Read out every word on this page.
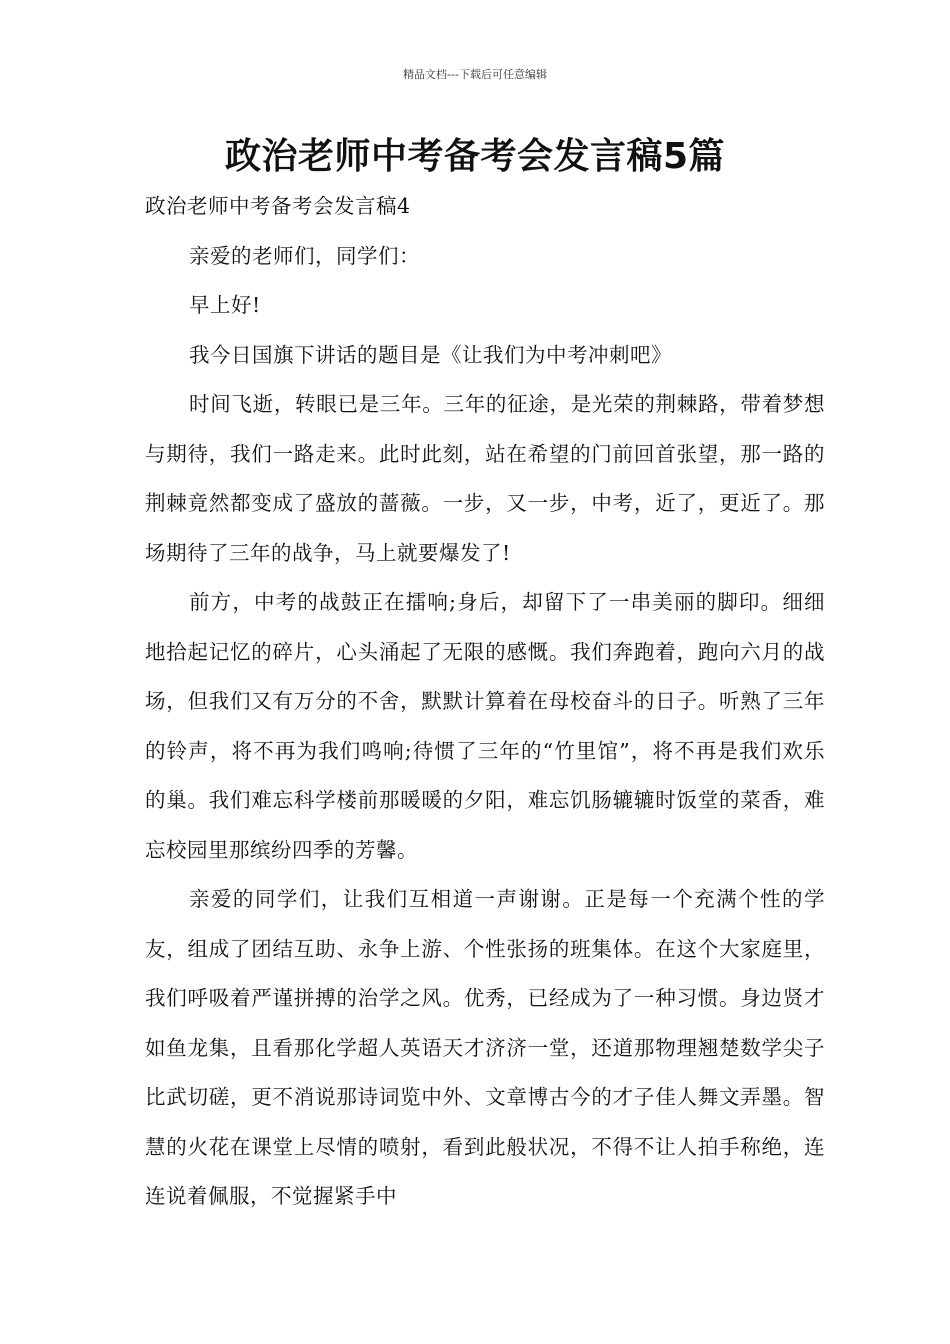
精品文档---下载后可任意编辑
政治老师中考备考会发言稿5篇

政治老师中考备考会发言稿4

亲爱的老师们，同学们：

早上好!

我今日国旗下讲话的题目是《让我们为中考冲刺吧》

时间飞逝，转眼已是三年。三年的征途，是光荣的荆棘路，带着梦想与期待，我们一路走来。此时此刻，站在希望的门前回首张望，那一路的荆棘竟然都变成了盛放的蔷薇。一步，又一步，中考，近了，更近了。那场期待了三年的战争，马上就要爆发了!

前方，中考的战鼓正在擂响;身后，却留下了一串美丽的脚印。细细地拾起记忆的碎片，心头涌起了无限的感慨。我们奔跑着，跑向六月的战场，但我们又有万分的不舍，默默计算着在母校奋斗的日子。听熟了三年的铃声，将不再为我们鸣响;待惯了三年的“竹里馆”，将不再是我们欢乐的巢。我们难忘科学楼前那暖暖的夕阳，难忘饥肠辘辘时饭堂的菜香，难忘校园里那缤纷四季的芳馨。

亲爱的同学们，让我们互相道一声谢谢。正是每一个充满个性的学友，组成了团结互助、永争上游、个性张扬的班集体。在这个大家庭里，我们呼吸着严谨拼搏的治学之风。优秀，已经成为了一种习惯。身边贤才如鱼龙集，且看那化学超人英语天才济济一堂，还道那物理翘楚数学尖子比武切磋，更不消说那诗词览中外、文章博古今的才子佳人舞文弄墨。智慧的火花在课堂上尽情的喷射，看到此般状况，不得不让人拍手称绝，连连说着佩服，不觉握紧手中
